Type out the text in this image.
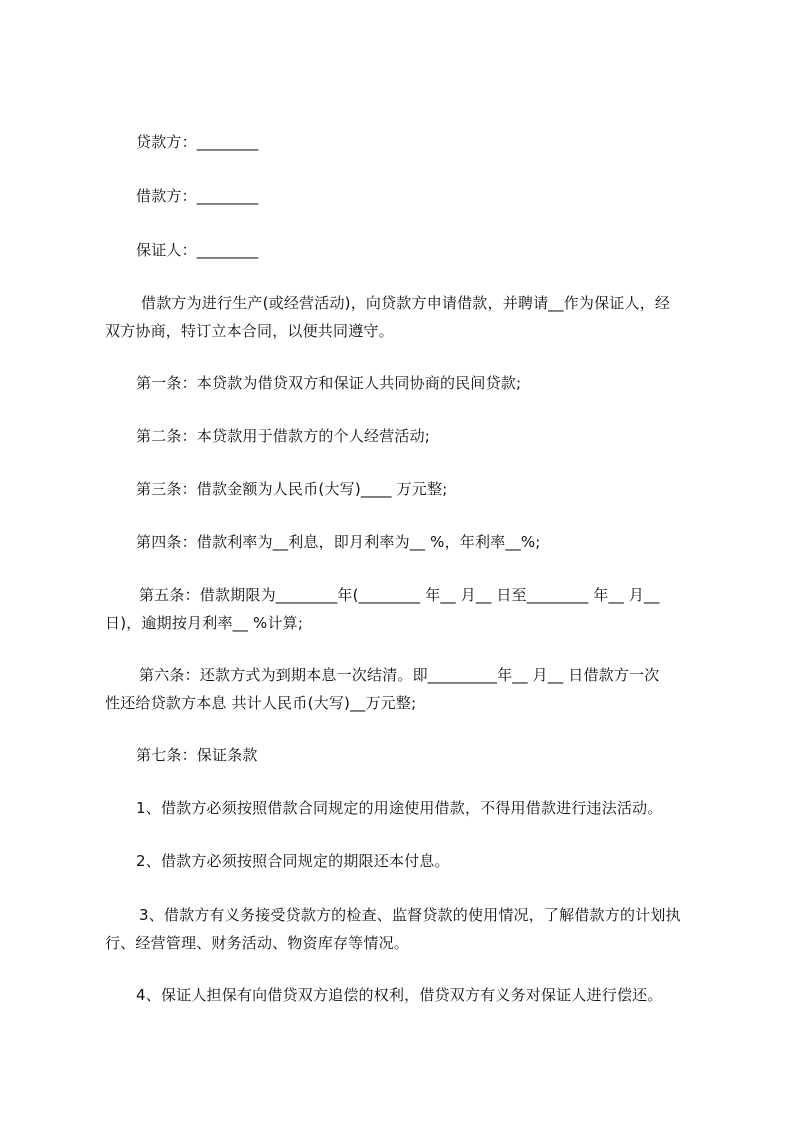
贷款方：________
借款方：________
保证人：________
借款方为进行生产(或经营活动)，向贷款方申请借款，并聘请__作为保证人，经
双方协商，特订立本合同，以便共同遵守。
第一条：本贷款为借贷双方和保证人共同协商的民间贷款;
第二条：本贷款用于借款方的个人经营活动;
第三条：借款金额为人民币(大写)____ 万元整;
第四条：借款利率为__利息，即月利率为__ %，年利率__%;
第五条：借款期限为________年(________ 年__ 月__ 日至________ 年__ 月__
日)，逾期按月利率__ %计算;
第六条：还款方式为到期本息一次结清。即_________年__ 月__ 日借款方一次
性还给贷款方本息 共计人民币(大写)__万元整;
第七条：保证条款
1、借款方必须按照借款合同规定的用途使用借款，不得用借款进行违法活动。
2、借款方必须按照合同规定的期限还本付息。
3、借款方有义务接受贷款方的检查、监督贷款的使用情况，了解借款方的计划执
行、经营管理、财务活动、物资库存等情况。
4、保证人担保有向借贷双方追偿的权利，借贷双方有义务对保证人进行偿还。
